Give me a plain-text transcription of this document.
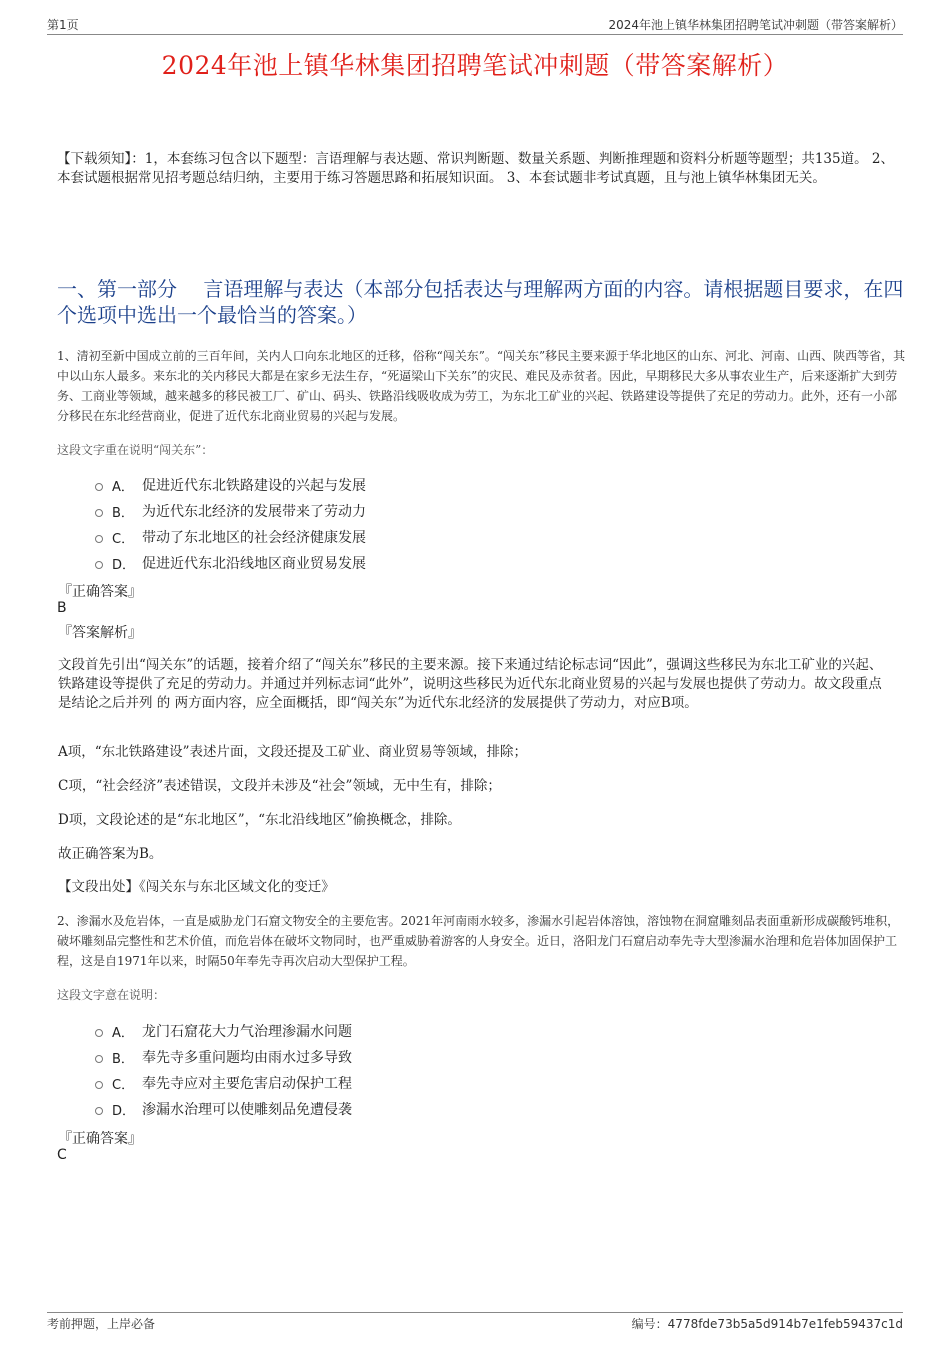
第1页	2024年池上镇华林集团招聘笔试冲刺题（带答案解析）
2024年池上镇华林集团招聘笔试冲刺题（带答案解析）
【下载须知】：1，本套练习包含以下题型：言语理解与表达题、常识判断题、数量关系题、判断推理题和资料分析题等题型；共135道。 2、本套试题根据常见招考题总结归纳，主要用于练习答题思路和拓展知识面。 3、本套试题非考试真题，且与池上镇华林集团无关。
一、第一部分　 言语理解与表达（本部分包括表达与理解两方面的内容。请根据题目要求，在四个选项中选出一个最恰当的答案。）
1、清初至新中国成立前的三百年间，关内人口向东北地区的迁移，俗称“闯关东”。“闯关东”移民主要来源于华北地区的山东、河北、河南、山西、陕西等省，其中以山东人最多。来东北的关内移民大都是在家乡无法生存，“死逼梁山下关东”的灾民、难民及赤贫者。因此，早期移民大多从事农业生产，后来逐渐扩大到劳务、工商业等领域，越来越多的移民被工厂、矿山、码头、铁路沿线吸收成为劳工，为东北工矿业的兴起、铁路建设等提供了充足的劳动力。此外，还有一小部分移民在东北经营商业，促进了近代东北商业贸易的兴起与发展。
这段文字重在说明“闯关东”：
A． 促进近代东北铁路建设的兴起与发展
B． 为近代东北经济的发展带来了劳动力
C． 带动了东北地区的社会经济健康发展
D． 促进近代东北沿线地区商业贸易发展
『正确答案』
B
『答案解析』
文段首先引出“闯关东”的话题，接着介绍了“闯关东”移民的主要来源。接下来通过结论标志词“因此”，强调这些移民为东北工矿业的兴起、铁路建设等提供了充足的劳动力。并通过并列标志词“此外”，说明这些移民为近代东北商业贸易的兴起与发展也提供了劳动力。故文段重点是结论之后并列 的 两方面内容，应全面概括，即“闯关东”为近代东北经济的发展提供了劳动力，对应B项。
A项，“东北铁路建设”表述片面，文段还提及工矿业、商业贸易等领域，排除；
C项，“社会经济”表述错误，文段并未涉及“社会”领域，无中生有，排除；
D项，文段论述的是“东北地区”，“东北沿线地区”偷换概念，排除。
故正确答案为B。
【文段出处】《闯关东与东北区域文化的变迁》
2、渗漏水及危岩体，一直是威胁龙门石窟文物安全的主要危害。2021年河南雨水较多，渗漏水引起岩体溶蚀，溶蚀物在洞窟雕刻品表面重新形成碳酸钙堆积，破坏雕刻品完整性和艺术价值，而危岩体在破坏文物同时，也严重威胁着游客的人身安全。近日，洛阳龙门石窟启动奉先寺大型渗漏水治理和危岩体加固保护工程，这是自1971年以来，时隔50年奉先寺再次启动大型保护工程。
这段文字意在说明：
A． 龙门石窟花大力气治理渗漏水问题
B． 奉先寺多重问题均由雨水过多导致
C． 奉先寺应对主要危害启动保护工程
D． 渗漏水治理可以使雕刻品免遭侵袭
『正确答案』
C
考前押题，上岸必备	编号：4778fde73b5a5d914b7e1feb59437c1d
